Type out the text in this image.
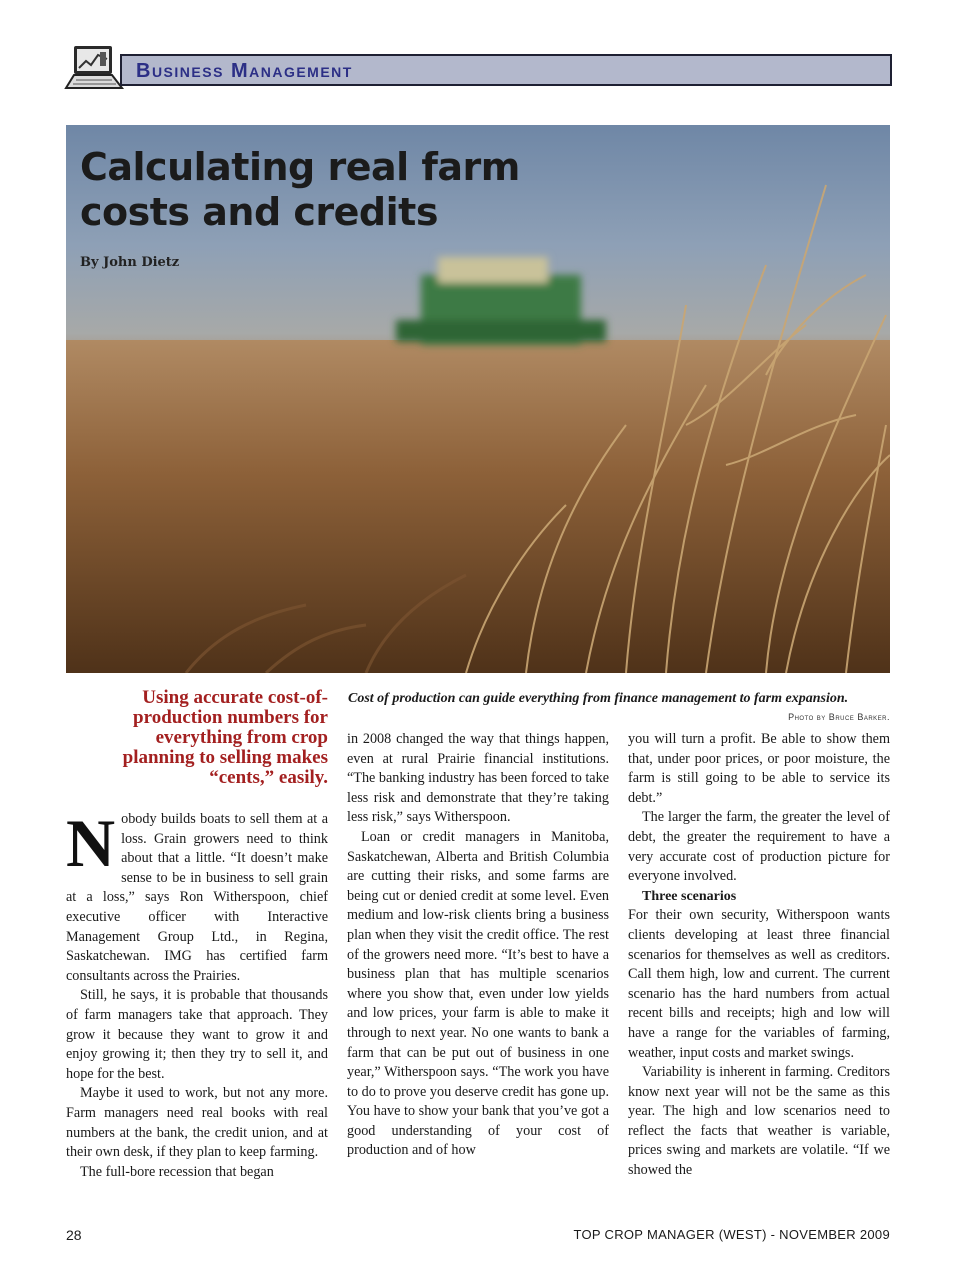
Business Management
Calculating real farm
costs and credits
By John Dietz
Cost of production can guide everything from finance management to farm expansion.
Photo by Bruce Barker.
Using accurate cost-of-production numbers for everything from crop planning to selling makes “cents,” easily.

Nobody builds boats to sell them at a loss. Grain growers need to think about that a little. “It doesn’t make sense to be in business to sell grain at a loss,” says Ron Witherspoon, chief executive officer with Interactive Management Group Ltd., in Regina, Saskatchewan. IMG has certified farm consultants across the Prairies.

Still, he says, it is probable that thousands of farm managers take that approach. They grow it because they want to grow it and enjoy growing it; then they try to sell it, and hope for the best.

Maybe it used to work, but not any more. Farm managers need real books with real numbers at the bank, the credit union, and at their own desk, if they plan to keep farming.

The full-bore recession that began

in 2008 changed the way that things happen, even at rural Prairie financial institutions. “The banking industry has been forced to take less risk and demonstrate that they’re taking less risk,” says Witherspoon.

Loan or credit managers in Manitoba, Saskatchewan, Alberta and British Columbia are cutting their risks, and some farms are being cut or denied credit at some level. Even medium and low-risk clients bring a business plan when they visit the credit office. The rest of the growers need more. “It’s best to have a business plan that has multiple scenarios where you show that, even under low yields and low prices, your farm is able to make it through to next year. No one wants to bank a farm that can be put out of business in one year,” Witherspoon says. “The work you have to do to prove you deserve credit has gone up. You have to show your bank that you’ve got a good understanding of your cost of production and of how

you will turn a profit. Be able to show them that, under poor prices, or poor moisture, the farm is still going to be able to service its debt.”

The larger the farm, the greater the level of debt, the greater the requirement to have a very accurate cost of production picture for everyone involved.

Three scenarios

For their own security, Witherspoon wants clients developing at least three financial scenarios for themselves as well as creditors. Call them high, low and current. The current scenario has the hard numbers from actual recent bills and receipts; high and low will have a range for the variables of farming, weather, input costs and market swings.

Variability is inherent in farming. Creditors know next year will not be the same as this year. The high and low scenarios need to reflect the facts that weather is variable, prices swing and markets are volatile. “If we showed the

28	TOP CROP MANAGER (WEST) - NOVEMBER 2009
